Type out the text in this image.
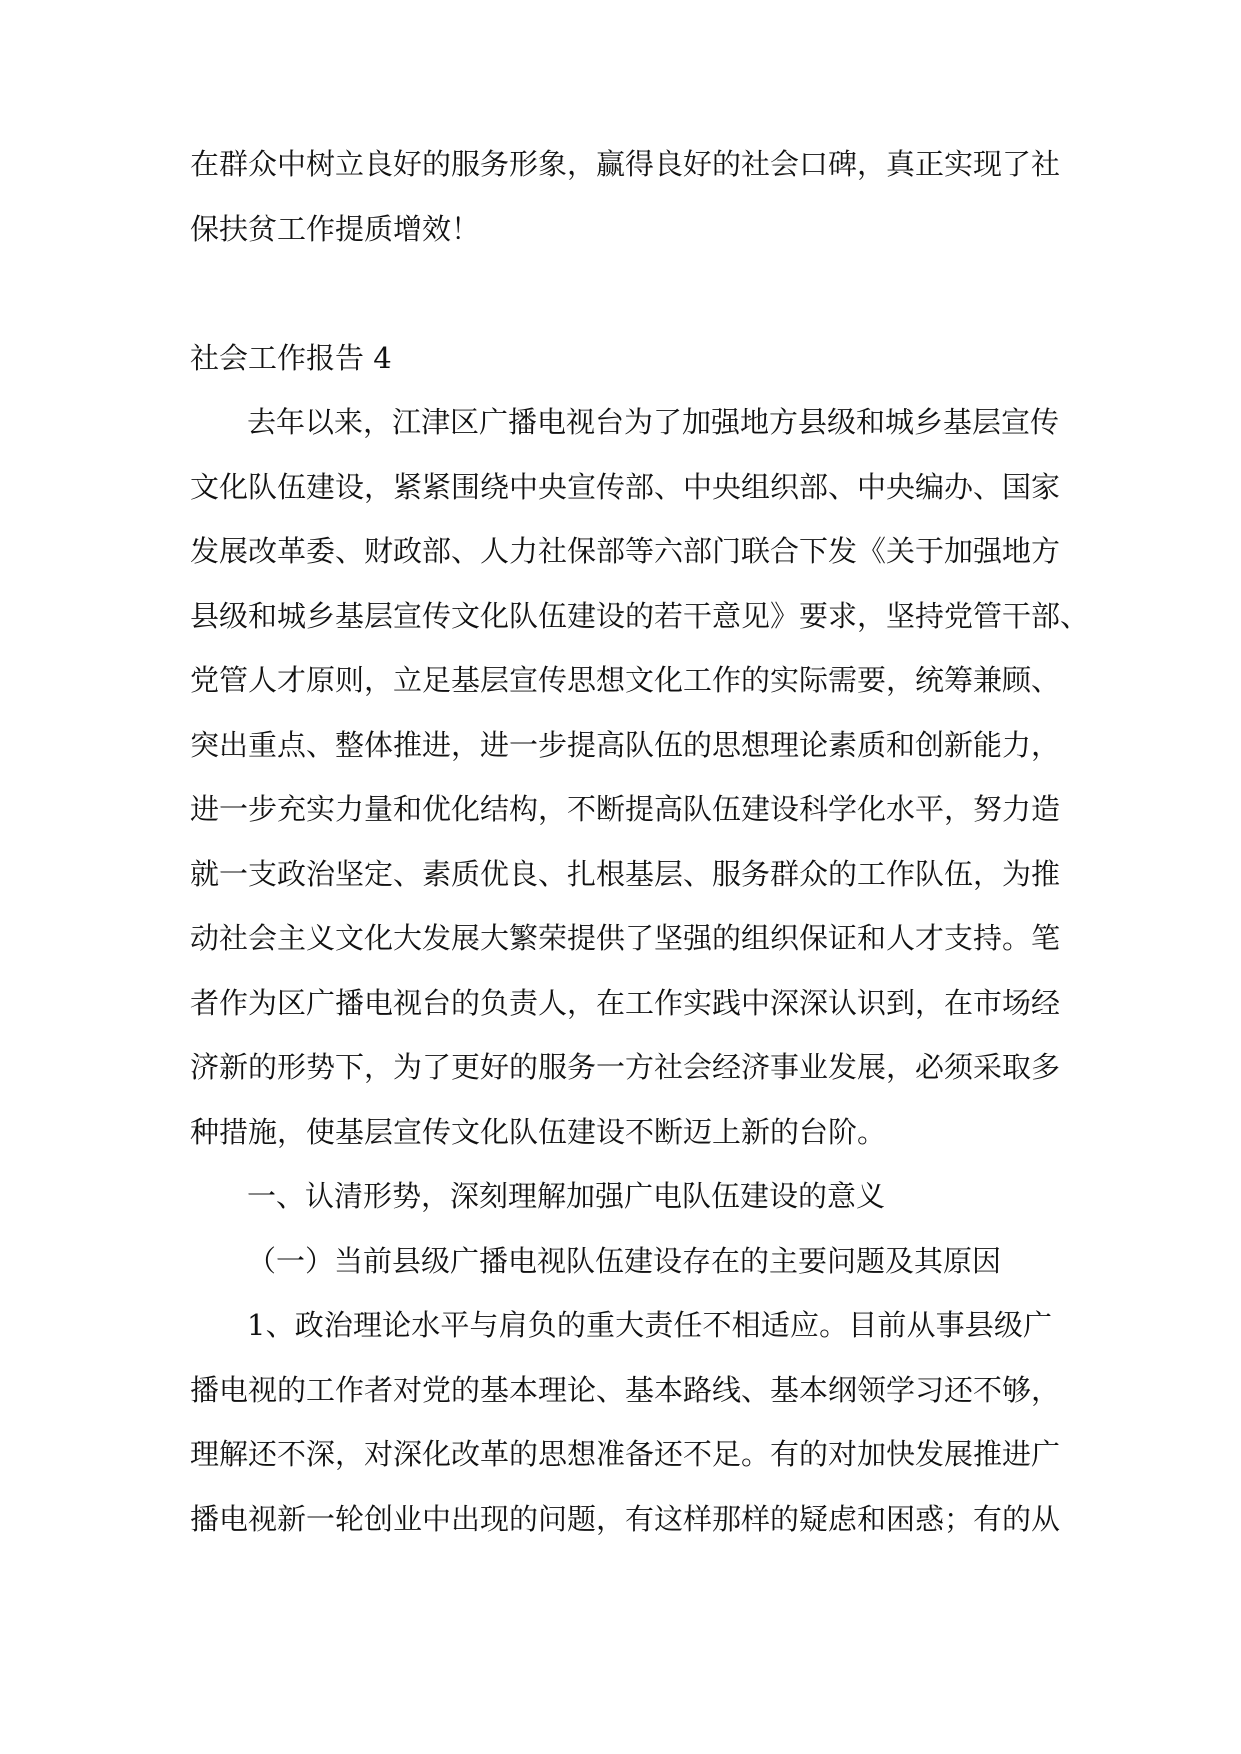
在群众中树立良好的服务形象，赢得良好的社会口碑，真正实现了社
保扶贫工作提质增效！
社会工作报告 4
去年以来，江津区广播电视台为了加强地方县级和城乡基层宣传
文化队伍建设，紧紧围绕中央宣传部、中央组织部、中央编办、国家
发展改革委、财政部、人力社保部等六部门联合下发《关于加强地方
县级和城乡基层宣传文化队伍建设的若干意见》要求，坚持党管干部、
党管人才原则，立足基层宣传思想文化工作的实际需要，统筹兼顾、
突出重点、整体推进，进一步提高队伍的思想理论素质和创新能力，
进一步充实力量和优化结构，不断提高队伍建设科学化水平，努力造
就一支政治坚定、素质优良、扎根基层、服务群众的工作队伍，为推
动社会主义文化大发展大繁荣提供了坚强的组织保证和人才支持。笔
者作为区广播电视台的负责人，在工作实践中深深认识到，在市场经
济新的形势下，为了更好的服务一方社会经济事业发展，必须采取多
种措施，使基层宣传文化队伍建设不断迈上新的台阶。
一、认清形势，深刻理解加强广电队伍建设的意义
（一）当前县级广播电视队伍建设存在的主要问题及其原因
1、政治理论水平与肩负的重大责任不相适应。目前从事县级广
播电视的工作者对党的基本理论、基本路线、基本纲领学习还不够，
理解还不深，对深化改革的思想准备还不足。有的对加快发展推进广
播电视新一轮创业中出现的问题，有这样那样的疑虑和困惑；有的从
